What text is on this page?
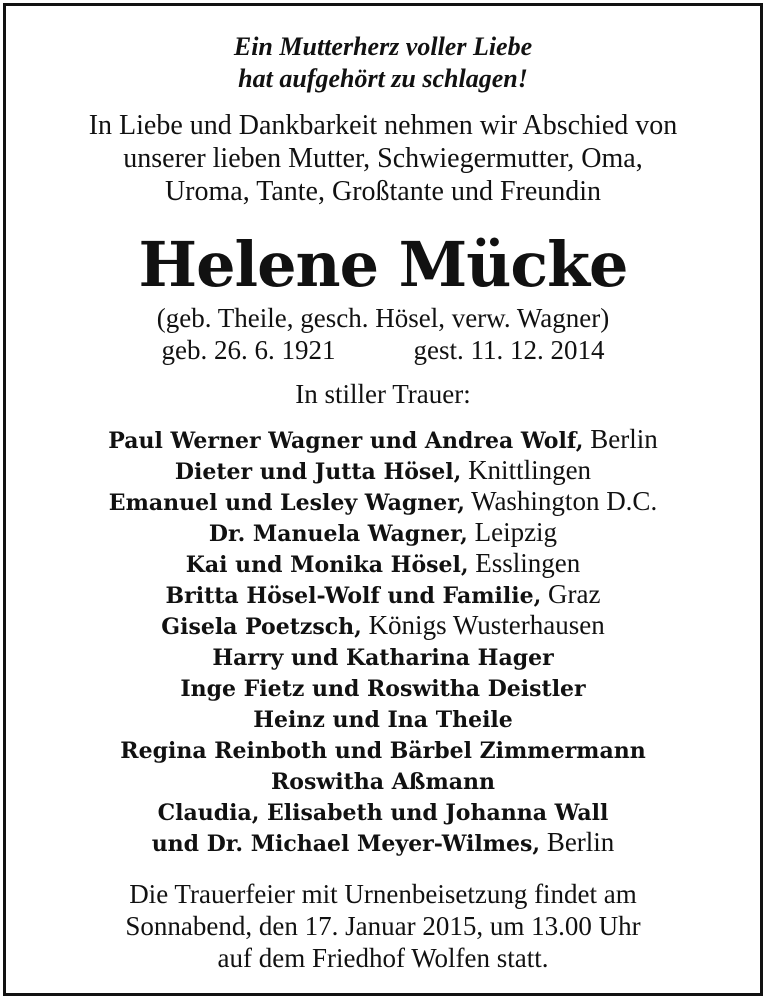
Ein Mutterherz voller Liebe
hat aufgehört zu schlagen!
In Liebe und Dankbarkeit nehmen wir Abschied von
unserer lieben Mutter, Schwiegermutter, Oma,
Uroma, Tante, Großtante und Freundin
Helene Mücke
(geb. Theile, gesch. Hösel, verw. Wagner)
geb. 26. 6. 1921	gest. 11. 12. 2014
In stiller Trauer:
Paul Werner Wagner und Andrea Wolf, Berlin
Dieter und Jutta Hösel, Knittlingen
Emanuel und Lesley Wagner, Washington D.C.
Dr. Manuela Wagner, Leipzig
Kai und Monika Hösel, Esslingen
Britta Hösel-Wolf und Familie, Graz
Gisela Poetzsch, Königs Wusterhausen
Harry und Katharina Hager
Inge Fietz und Roswitha Deistler
Heinz und Ina Theile
Regina Reinboth und Bärbel Zimmermann
Roswitha Aßmann
Claudia, Elisabeth und Johanna Wall
und Dr. Michael Meyer-Wilmes, Berlin
Die Trauerfeier mit Urnenbeisetzung findet am
Sonnabend, den 17. Januar 2015, um 13.00 Uhr
auf dem Friedhof Wolfen statt.
